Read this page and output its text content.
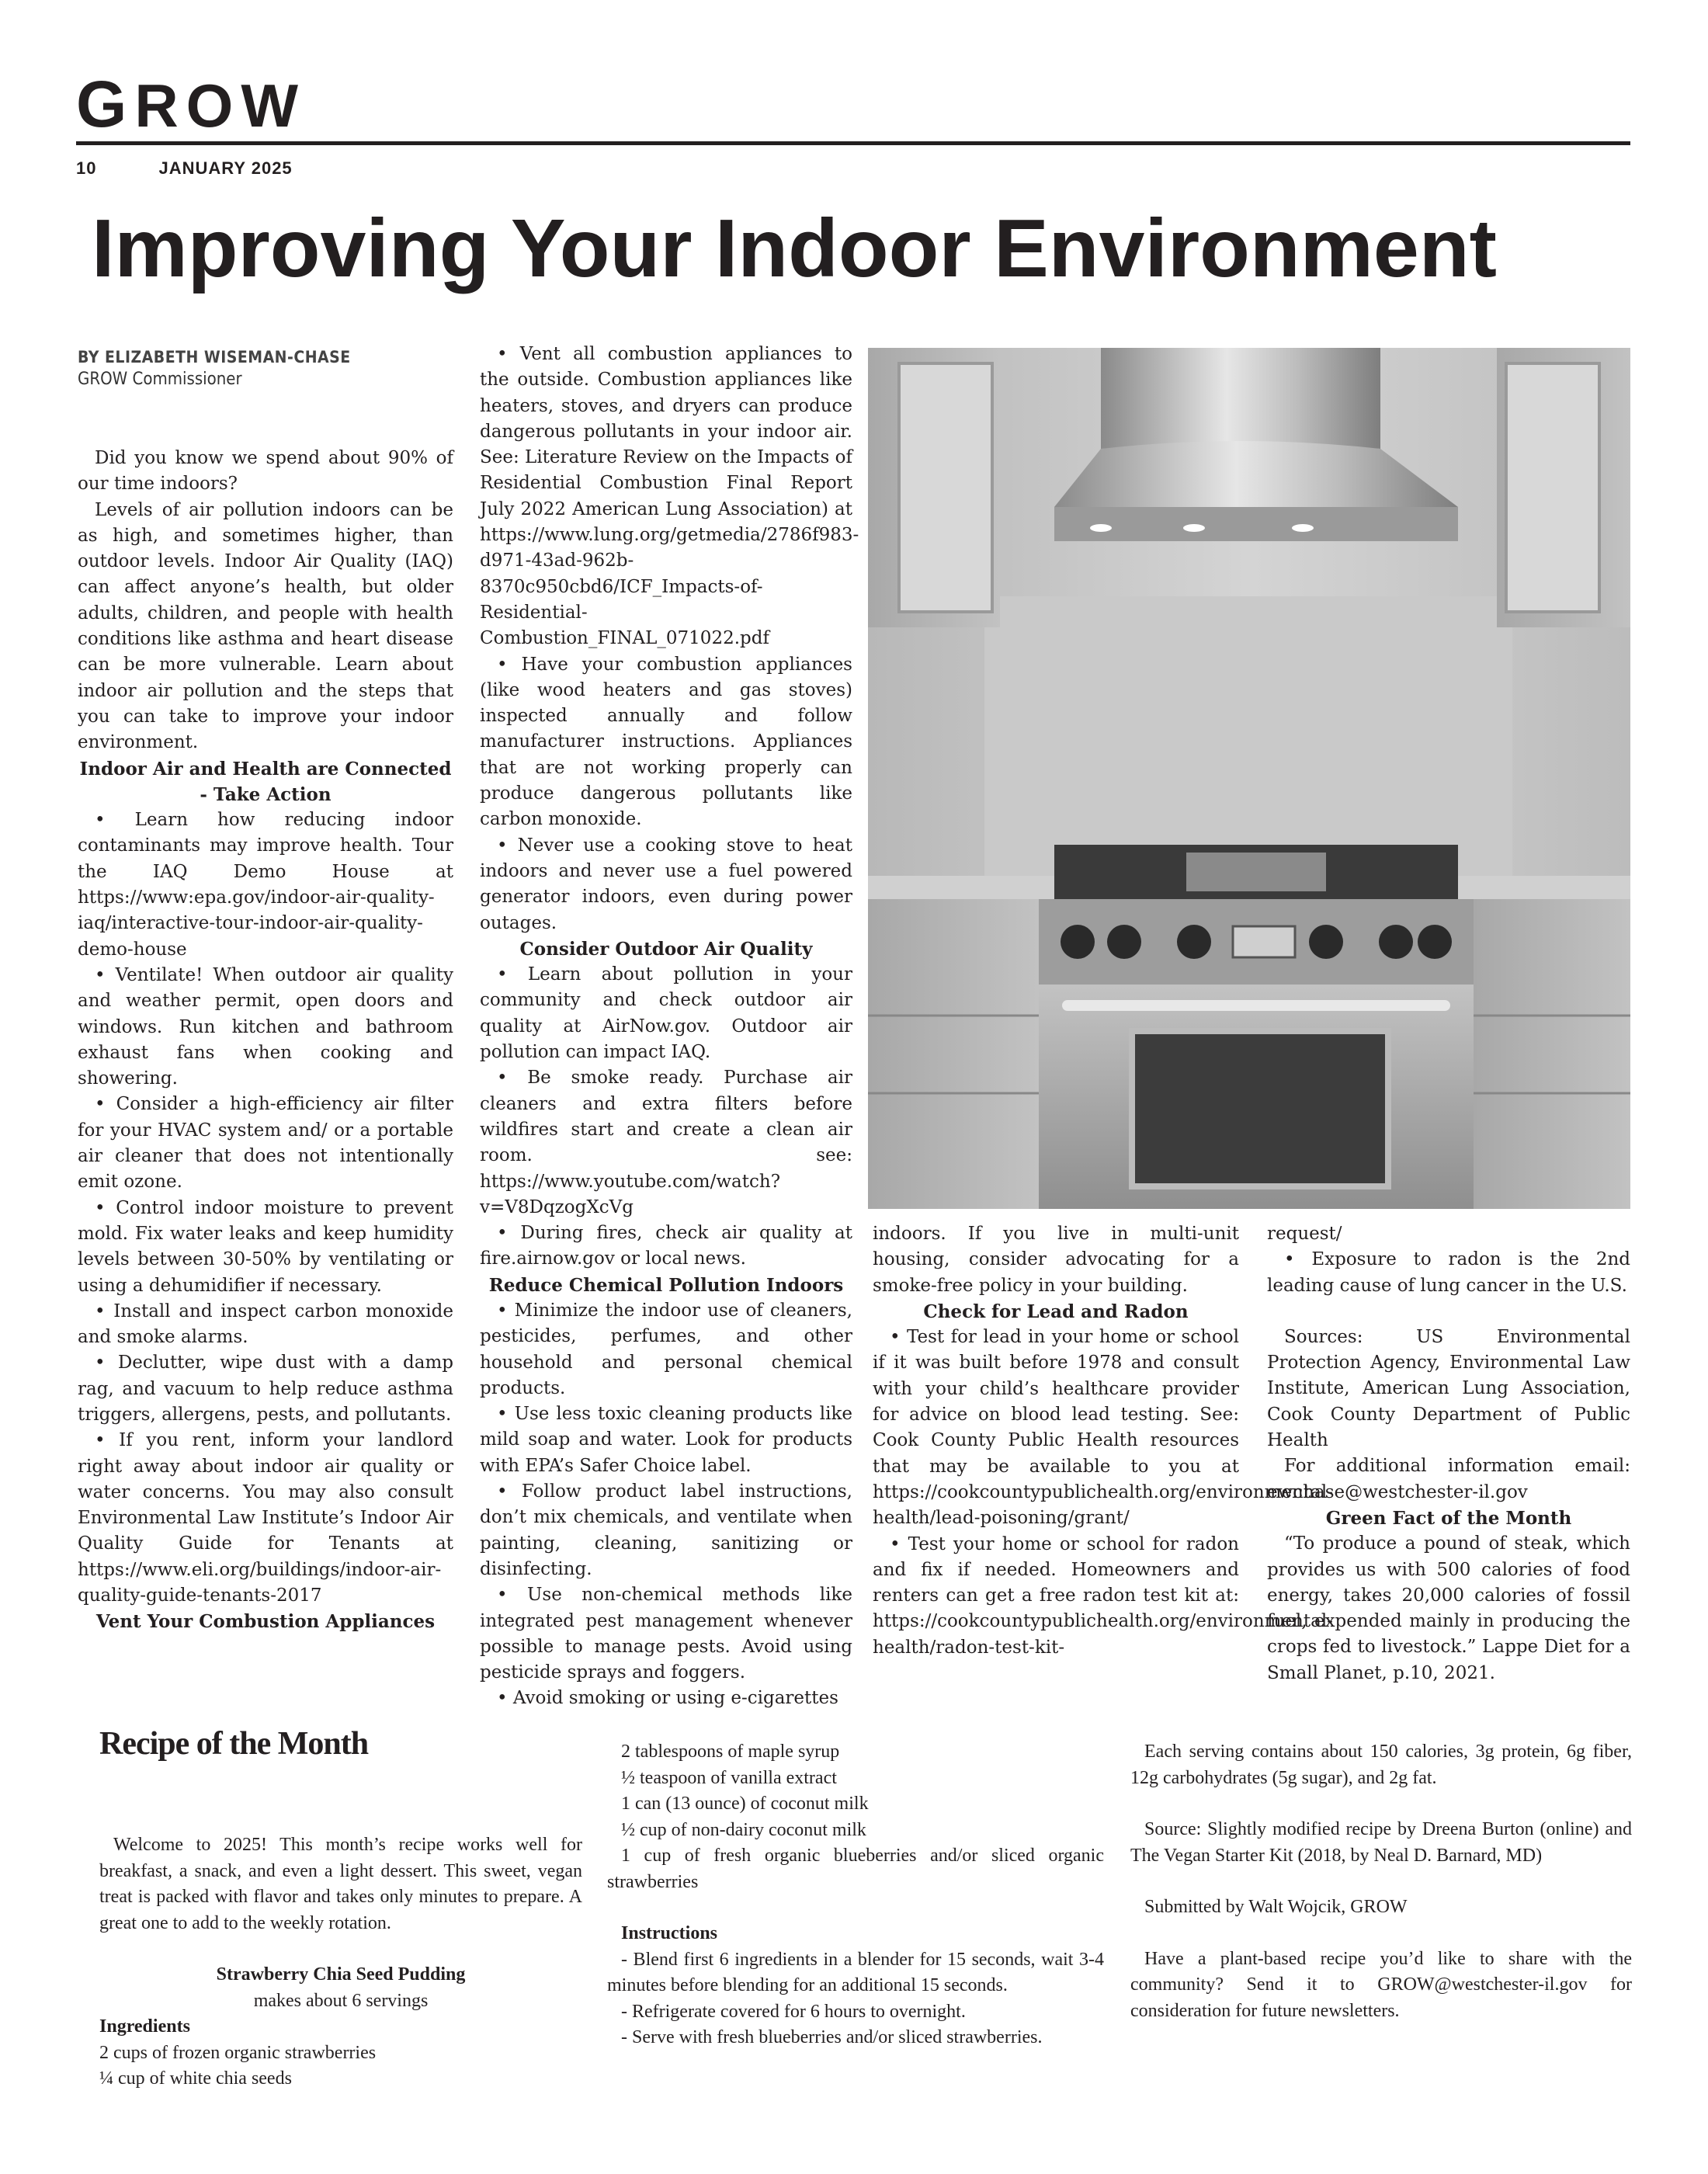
GROW
10	JANUARY 2025
Improving Your Indoor Environment
BY ELIZABETH WISEMAN-CHASE
GROW Commissioner

Did you know we spend about 90% of our time indoors?

Levels of air pollution indoors can be as high, and sometimes higher, than outdoor levels. Indoor Air Quality (IAQ) can affect anyone’s health, but older adults, children, and people with health conditions like asthma and heart disease can be more vulnerable. Learn about indoor air pollution and the steps that you can take to improve your indoor environment.

Indoor Air and Health are Connected - Take Action

• Learn how reducing indoor contaminants may improve health. Tour the IAQ Demo House at https://www:epa.gov/indoor-air-quality-iaq/interactive-tour-indoor-air-quality-demo-house

• Ventilate! When outdoor air quality and weather permit, open doors and windows. Run kitchen and bathroom exhaust fans when cooking and showering.

• Consider a high-efficiency air filter for your HVAC system and/ or a portable air cleaner that does not intentionally emit ozone.

• Control indoor moisture to prevent mold. Fix water leaks and keep humidity levels between 30-50% by ventilating or using a dehumidifier if necessary.

• Install and inspect carbon monoxide and smoke alarms.

• Declutter, wipe dust with a damp rag, and vacuum to help reduce asthma triggers, allergens, pests, and pollutants.

• If you rent, inform your landlord right away about indoor air quality or water concerns. You may also consult Environmental Law Institute’s Indoor Air Quality Guide for Tenants at https://www.eli.org/buildings/indoor-air-quality-guide-tenants-2017

Vent Your Combustion Appliances

• Vent all combustion appliances to the outside. Combustion appliances like heaters, stoves, and dryers can produce dangerous pollutants in your indoor air. See: Literature Review on the Impacts of Residential Combustion Final Report July 2022 American Lung Association) at https://www.lung.org/getmedia/2786f983-d971-43ad-962b-8370c950cbd6/ICF_Impacts-of-Residential-Combustion_FINAL_071022.pdf

• Have your combustion appliances (like wood heaters and gas stoves) inspected annually and follow manufacturer instructions. Appliances that are not working properly can produce dangerous pollutants like carbon monoxide.

• Never use a cooking stove to heat indoors and never use a fuel powered generator indoors, even during power outages.

Consider Outdoor Air Quality

• Learn about pollution in your community and check outdoor air quality at AirNow.gov. Outdoor air pollution can impact IAQ.

• Be smoke ready. Purchase air cleaners and extra filters before wildfires start and create a clean air room. see: https://www.youtube.com/watch?v=V8DqzogXcVg

• During fires, check air quality at fire.airnow.gov or local news.

Reduce Chemical Pollution Indoors

• Minimize the indoor use of cleaners, pesticides, perfumes, and other household and personal chemical products.

• Use less toxic cleaning products like mild soap and water. Look for products with EPA’s Safer Choice label.

• Follow product label instructions, don’t mix chemicals, and ventilate when painting, cleaning, sanitizing or disinfecting.

• Use non-chemical methods like integrated pest management whenever possible to manage pests. Avoid using pesticide sprays and foggers.

• Avoid smoking or using e-cigarettes

indoors. If you live in multi-unit housing, consider advocating for a smoke-free policy in your building.

Check for Lead and Radon

• Test for lead in your home or school if it was built before 1978 and consult with your child’s healthcare provider for advice on blood lead testing. See: Cook County Public Health resources that may be available to you at https://cookcountypublichealth.org/environmental-health/lead-poisoning/grant/

• Test your home or school for radon and fix if needed. Homeowners and renters can get a free radon test kit at: https://cookcountypublichealth.org/environmental-health/radon-test-kit-

request/

• Exposure to radon is the 2nd leading cause of lung cancer in the U.S.

Sources: US Environmental Protection Agency, Environmental Law Institute, American Lung Association, Cook County Department of Public Health

For additional information email: ewchase@westchester-il.gov

Green Fact of the Month

“To produce a pound of steak, which provides us with 500 calories of food energy, takes 20,000 calories of fossil fuel, expended mainly in producing the crops fed to livestock.” Lappe Diet for a Small Planet, p.10, 2021.

Recipe of the Month

Welcome to 2025! This month’s recipe works well for breakfast, a snack, and even a light dessert. This sweet, vegan treat is packed with flavor and takes only minutes to prepare. A great one to add to the weekly rotation.

Strawberry Chia Seed Pudding

makes about 6 servings

Ingredients

2 cups of frozen organic strawberries

¼ cup of white chia seeds

2 tablespoons of maple syrup

½ teaspoon of vanilla extract

1 can (13 ounce) of coconut milk

½ cup of non-dairy coconut milk

1 cup of fresh organic blueberries and/or sliced organic strawberries

Instructions

- Blend first 6 ingredients in a blender for 15 seconds, wait 3-4 minutes before blending for an additional 15 seconds.

- Refrigerate covered for 6 hours to overnight.

- Serve with fresh blueberries and/or sliced strawberries.

Each serving contains about 150 calories, 3g protein, 6g fiber, 12g carbohydrates (5g sugar), and 2g fat.

Source: Slightly modified recipe by Dreena Burton (online) and The Vegan Starter Kit (2018, by Neal D. Barnard, MD)

Submitted by Walt Wojcik, GROW

Have a plant-based recipe you’d like to share with the community? Send it to GROW@westchester-il.gov for consideration for future newsletters.
